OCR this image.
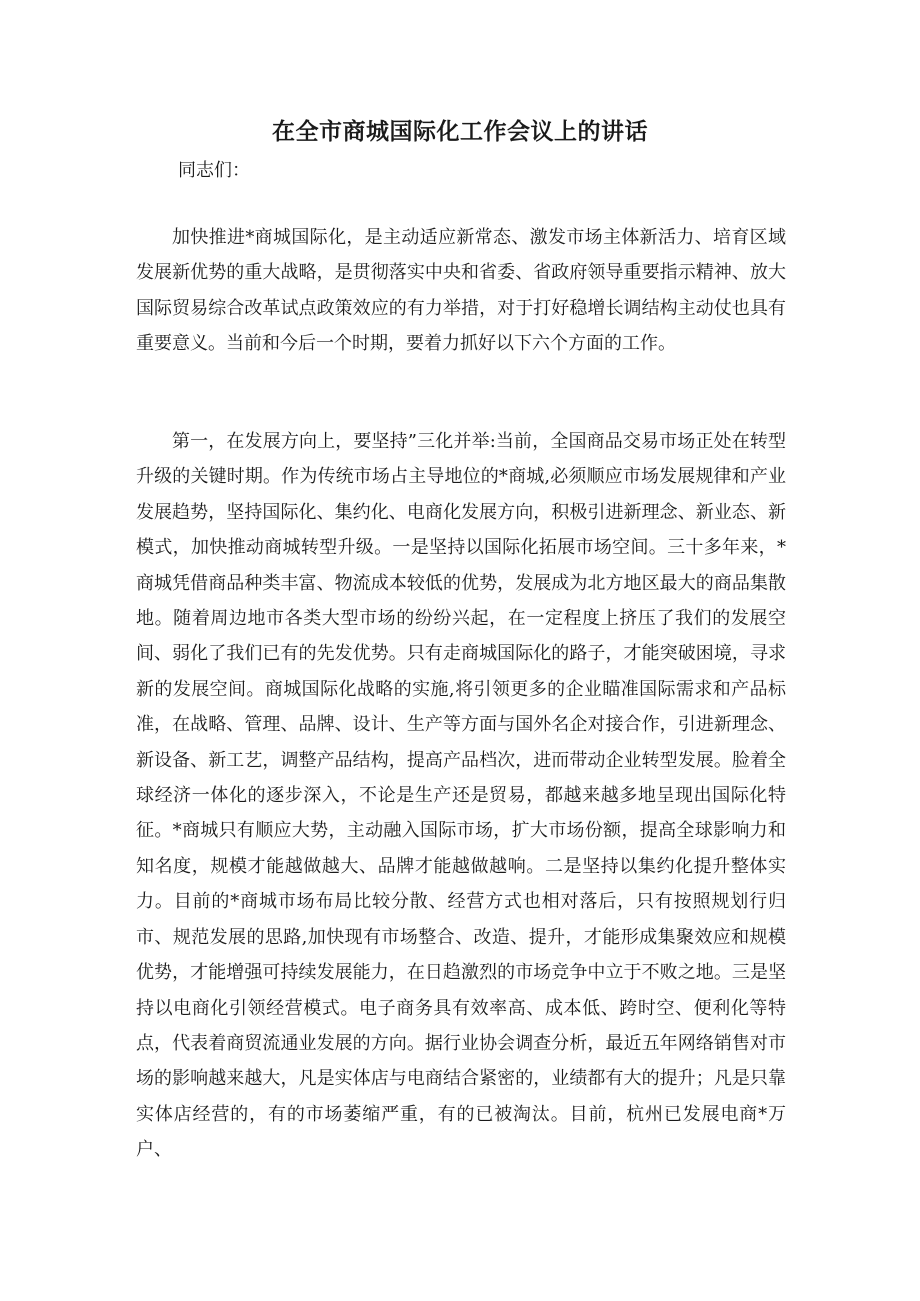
在全市商城国际化工作会议上的讲话
同志们：

加快推进*商城国际化，是主动适应新常态、激发市场主体新活力、培育区域发展新优势的重大战略，是贯彻落实中央和省委、省政府领导重要指示精神、放大国际贸易综合改革试点政策效应的有力举措，对于打好稳增长调结构主动仗也具有重要意义。当前和今后一个时期，要着力抓好以下六个方面的工作。

第一，在发展方向上，要坚持”三化并举:当前，全国商品交易市场正处在转型升级的关键时期。作为传统市场占主导地位的*商城,必须顺应市场发展规律和产业发展趋势，坚持国际化、集约化、电商化发展方向，积极引进新理念、新业态、新模式，加快推动商城转型升级。一是坚持以国际化拓展市场空间。三十多年来，*商城凭借商品种类丰富、物流成本较低的优势，发展成为北方地区最大的商品集散地。随着周边地市各类大型市场的纷纷兴起，在一定程度上挤压了我们的发展空间、弱化了我们已有的先发优势。只有走商城国际化的路子，才能突破困境，寻求新的发展空间。商城国际化战略的实施,将引领更多的企业瞄准国际需求和产品标准，在战略、管理、品牌、设计、生产等方面与国外名企对接合作，引进新理念、新设备、新工艺，调整产品结构，提高产品档次，进而带动企业转型发展。脸着全球经济一体化的逐步深入，不论是生产还是贸易，都越来越多地呈现出国际化特征。*商城只有顺应大势，主动融入国际市场，扩大市场份额，提高全球影响力和知名度，规模才能越做越大、品牌才能越做越响。二是坚持以集约化提升整体实力。目前的*商城市场布局比较分散、经营方式也相对落后，只有按照规划行归市、规范发展的思路,加快现有市场整合、改造、提升，才能形成集聚效应和规模优势，才能增强可持续发展能力，在日趋激烈的市场竞争中立于不败之地。三是坚持以电商化引领经营模式。电子商务具有效率高、成本低、跨时空、便利化等特点，代表着商贸流通业发展的方向。据行业协会调查分析，最近五年网络销售对市场的影响越来越大，凡是实体店与电商结合紧密的，业绩都有大的提升；凡是只靠实体店经营的，有的市场萎缩严重，有的已被淘汰。目前，杭州已发展电商*万户、
